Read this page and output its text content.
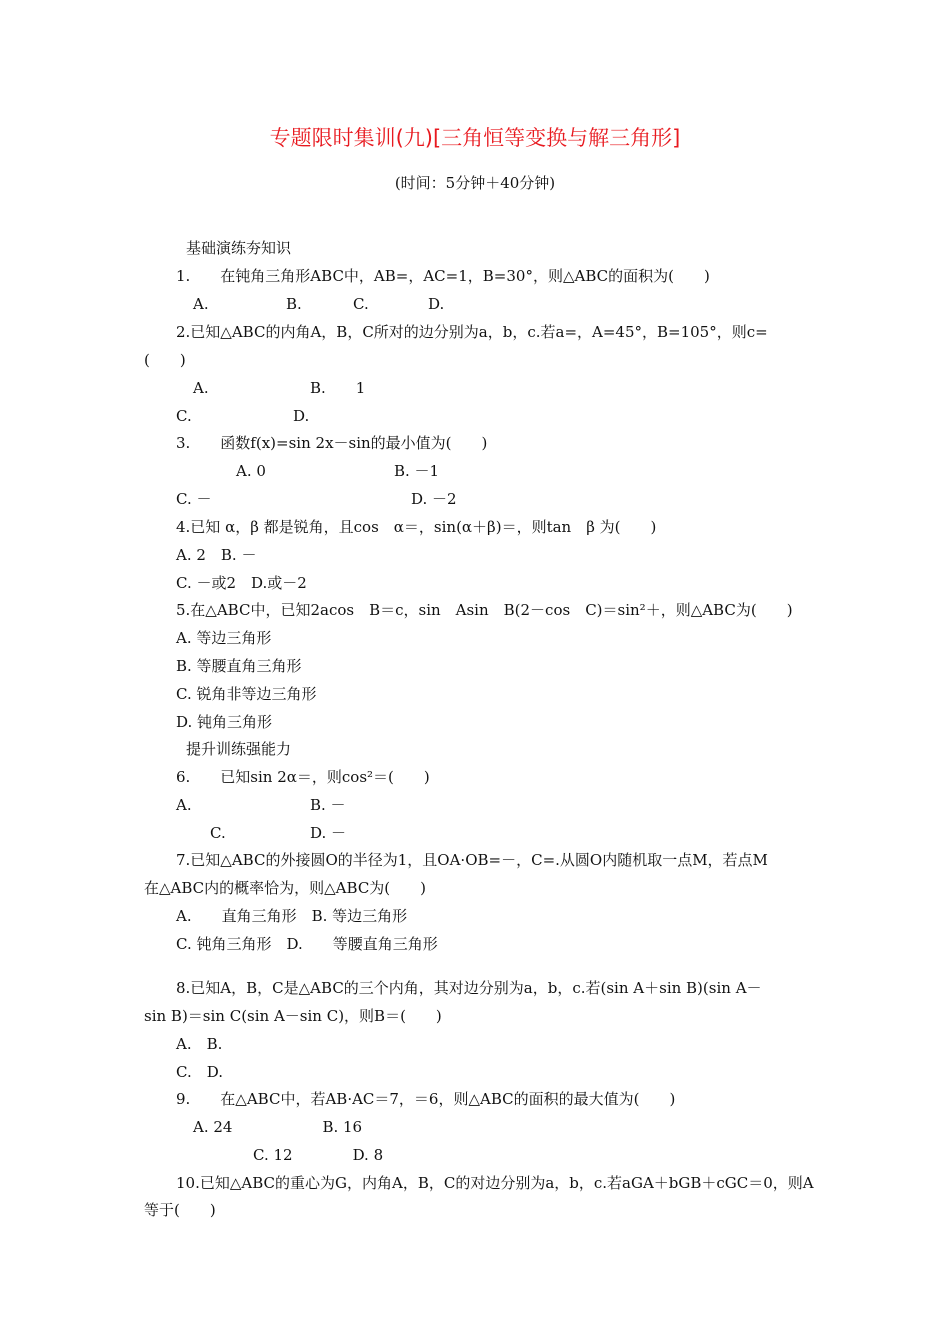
专题限时集训(九)[三角恒等变换与解三角形]
(时间：5分钟＋40分钟)
基础演练夯知识
1.　　在钝角三角形ABC中，AB=，AC=1，B=30°，则△ABC的面积为(　　)
A.	B.	C.	D.
2.已知△ABC的内角A，B，C所对的边分别为a，b，c.若a=，A=45°，B=105°，则c=
(　　)
A.	B.　　1
C.	D.
3.　　函数f(x)=sin 2x－sin的最小值为(　　)
A. 0	B. －1
C. －	D. －2
4.已知 α，β 都是锐角，且cos　α＝，sin(α＋β)＝，则tan　β 为(　　)
A. 2　B. －
C. －或2　D.或－2
5.在△ABC中，已知2acos　B＝c，sin　Asin　B(2－cos　C)＝sin²＋，则△ABC为(　　)
A. 等边三角形
B. 等腰直角三角形
C. 锐角非等边三角形
D. 钝角三角形
提升训练强能力
6.　　已知sin 2α＝，则cos²＝(　　)
A.	B. －
C.	D. －
7.已知△ABC的外接圆O的半径为1，且OA·OB=－，C=.从圆O内随机取一点M，若点M
在△ABC内的概率恰为，则△ABC为(　　)
A.　　直角三角形　B. 等边三角形
C. 钝角三角形　D.　　等腰直角三角形
8.已知A，B，C是△ABC的三个内角，其对边分别为a，b，c.若(sin A＋sin B)(sin A－
sin B)＝sin C(sin A－sin C)，则B＝(　　)
A.　B.
C.　D.
9.　　在△ABC中，若AB·AC＝7，＝6，则△ABC的面积的最大值为(　　)
A. 24　　　　　　B. 16
C. 12　　　　D. 8
10.已知△ABC的重心为G，内角A，B，C的对边分别为a，b，c.若aGA＋bGB＋cGC＝0，则A
等于(　　)
